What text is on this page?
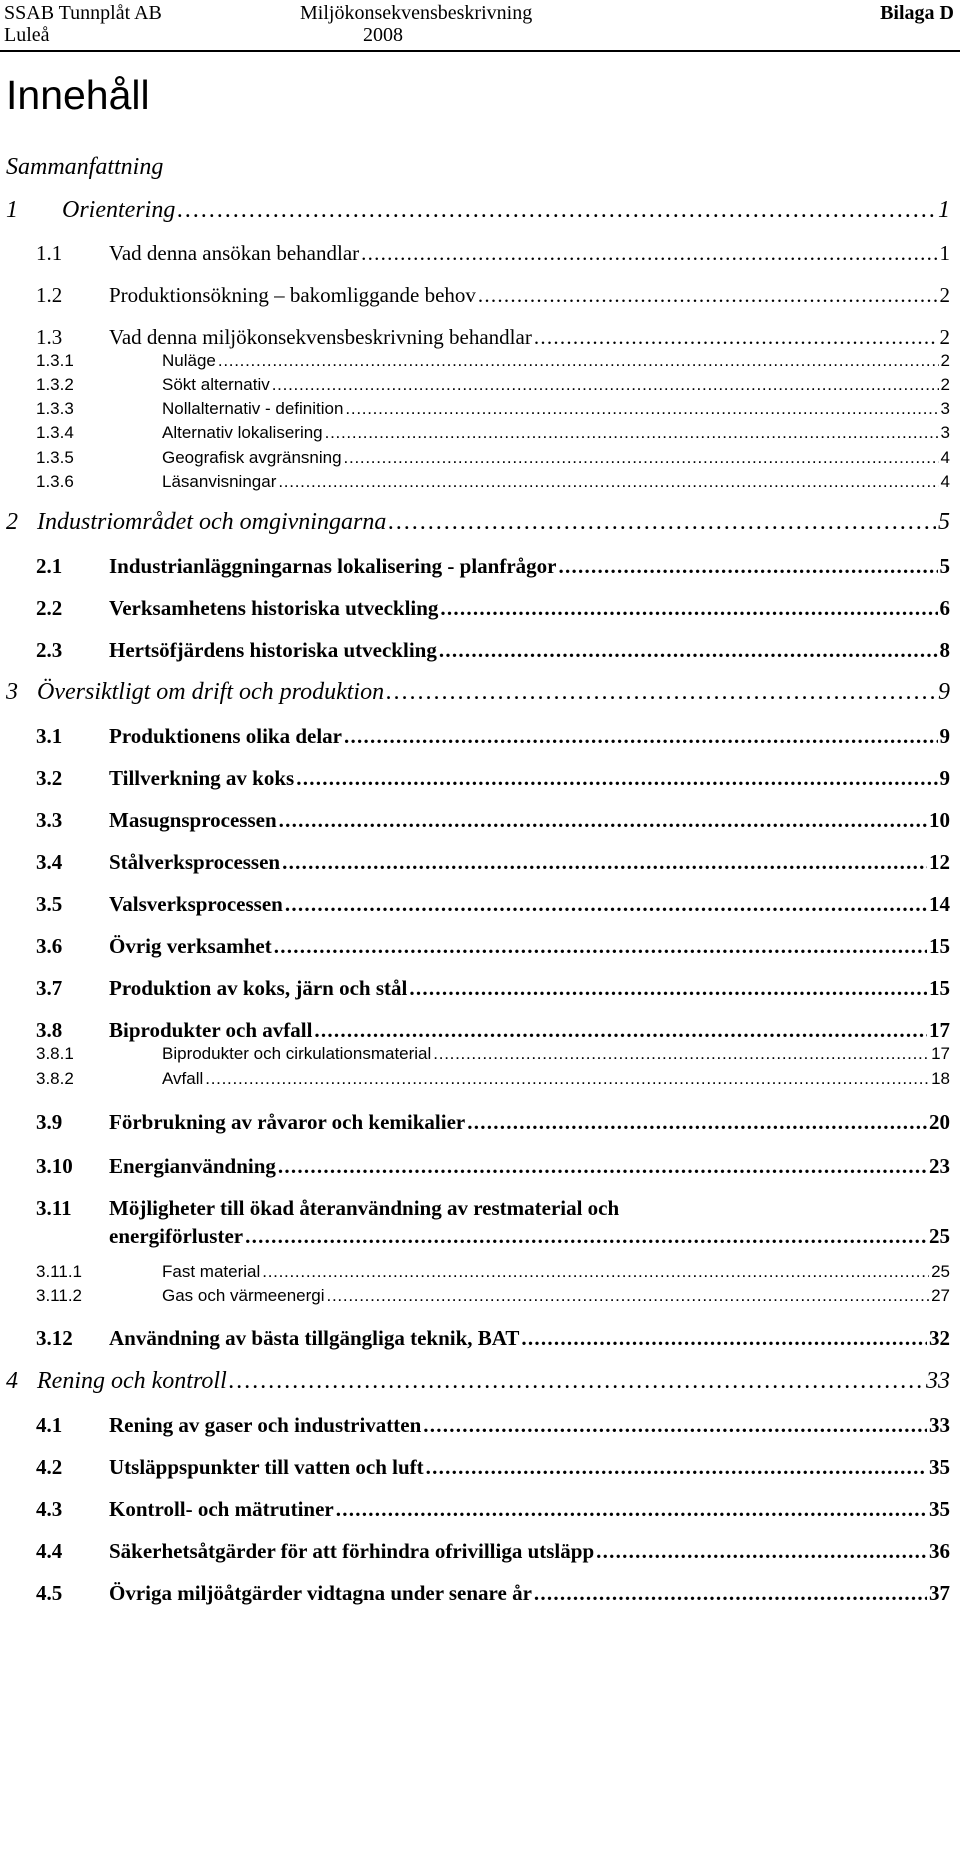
SSAB Tunnplåt AB
Luleå
Miljökonsekvensbeskrivning
2008
Bilaga D
Innehåll
Sammanfattning
1	Orientering . . .	1
1.1	Vad denna ansökan behandlar . . .	1
1.2	Produktionsökning – bakomliggande behov . . .	2
1.3	Vad denna miljökonsekvensbeskrivning behandlar . . .	2
1.3.1	Nuläge . . .	2
1.3.2	Sökt alternativ . . .	2
1.3.3	Nollalternativ - definition . . .	3
1.3.4	Alternativ lokalisering . . .	3
1.3.5	Geografisk avgränsning . . .	4
1.3.6	Läsanvisningar . . .	4
2 Industriområdet och omgivningarna . . .	5
2.1	Industrianläggningarnas lokalisering - planfrågor . . .	5
2.2	Verksamhetens historiska utveckling . . .	6
2.3	Hertsöfjärdens historiska utveckling . . .	8
3 Översiktligt om drift och produktion . . .	9
3.1	Produktionens olika delar . . .	9
3.2	Tillverkning av koks . . .	9
3.3	Masugnsprocessen . . .	10
3.4	Stålverksprocessen . . .	12
3.5	Valsverksprocessen . . .	14
3.6	Övrig verksamhet . . .	15
3.7	Produktion av koks, järn och stål . . .	15
3.8	Biprodukter och avfall . . .	17
3.8.1	Biprodukter och cirkulationsmaterial . . .	17
3.8.2	Avfall . . .	18
3.9	Förbrukning av råvaror och kemikalier . . .	20
3.10	Energianvändning . . .	23
3.11	Möjligheter till ökad återanvändning av restmaterial och
energiförluster . . .	25
3.11.1	Fast material . . .	25
3.11.2	Gas och värmeenergi . . .	27
3.12	Användning av bästa tillgängliga teknik, BAT . . .	32
4 Rening och kontroll . . .	33
4.1	Rening av gaser och industrivatten . . .	33
4.2	Utsläppspunkter till vatten och luft . . .	35
4.3	Kontroll- och mätrutiner . . .	35
4.4	Säkerhetsåtgärder för att förhindra ofrivilliga utsläpp . . .	36
4.5	Övriga miljöåtgärder vidtagna under senare år . . .	37
